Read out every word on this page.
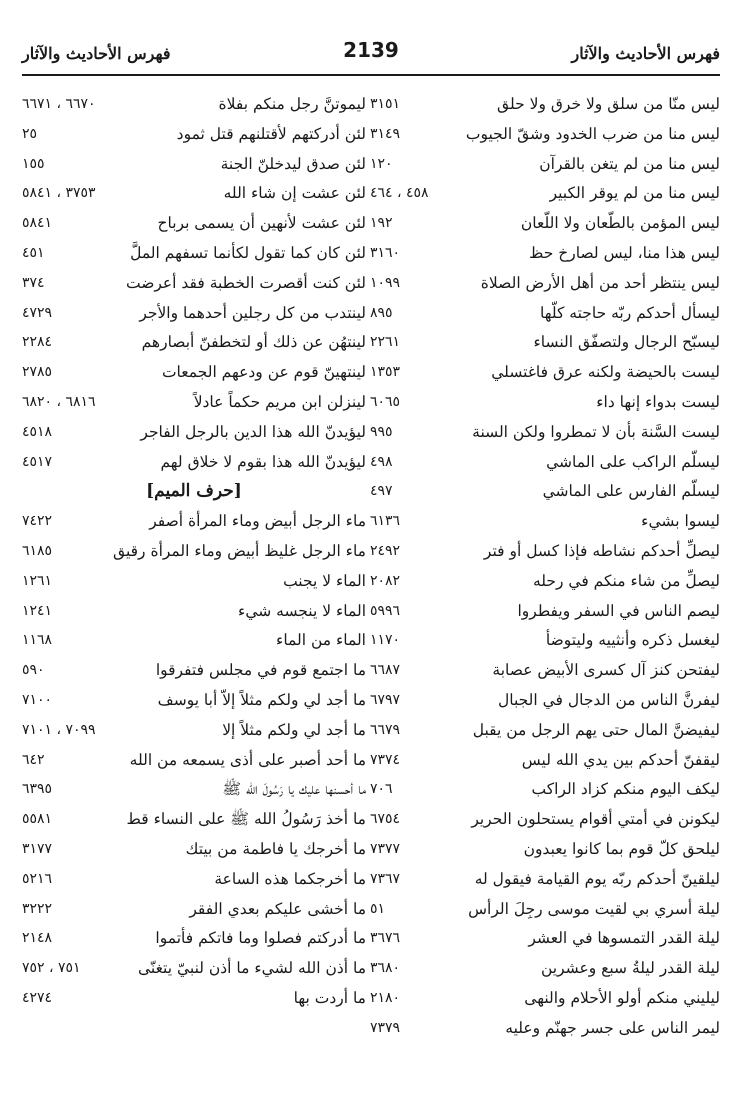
فهرس الأحاديث والآثار
2139
فهرس الأحاديث والآثار
ليس منّا من سلق ولا خرق ولا حلق
٣١٥١
ليس منا من ضرب الخدود وشقّ الجيوب
٣١٤٩
ليس منا من لم يتغن بالقرآن
١٢٠
ليس منا من لم يوقر الكبير
٤٥٨ ، ٤٦٤
ليس المؤمن بالطّعان ولا اللّعان
١٩٢
ليس هذا منا، ليس لصارخ حظ
٣١٦٠
ليس ينتظر أحد من أهل الأرض الصلاة
١٠٩٩
ليسأل أحدكم ربّه حاجته كلّها
٨٩٥
ليسبّح الرجال ولتصفّق النساء
٢٢٦١
ليست بالحيضة ولكنه عرق فاغتسلي
١٣٥٣
ليست بدواء إنها داء
٦٠٦٥
ليست السَّنة بأن لا تمطروا ولكن السنة
٩٩٥
ليسلّم الراكب على الماشي
٤٩٨
ليسلّم الفارس على الماشي
٤٩٧
ليسوا بشيء
٦١٣٦
ليصلِّ أحدكم نشاطه فإذا كسل أو فتر
٢٤٩٢
ليصلِّ من شاء منكم في رحله
٢٠٨٢
ليصم الناس في السفر ويفطروا
٥٩٩٦
ليغسل ذكره وأنثييه وليتوضأ
١١٧٠
ليفتحن كنز آل كسرى الأبيض عصابة
٦٦٨٧
ليفرنَّ الناس من الدجال في الجبال
٦٧٩٧
ليفيضنَّ المال حتى يهم الرجل من يقبل
٦٦٧٩
ليقفنّ أحدكم بين يدي الله ليس
٧٣٧٤
ليكف اليوم منكم كزاد الراكب
٧٠٦
ليكونن في أمتي أقوام يستحلون الحرير
٦٧٥٤
ليلحق كلّ قوم بما كانوا يعبدون
٧٣٧٧
ليلقينّ أحدكم ربّه يوم القيامة فيقول له
٧٣٦٧
ليلة أسري بي لقيت موسى رجِلَ الرأس
٥١
ليلة القدر التمسوها في العشر
٣٦٧٦
ليلة القدر ليلةُ سبع وعشرين
٣٦٨٠
ليليني منكم أولو الأحلام والنهى
٢١٨٠
ليمر الناس على جسر جهنّم وعليه
٧٣٧٩
ليموتنَّ رجل منكم بفلاة
٦٦٧٠ ، ٦٦٧١
لئن أدركتهم لأقتلنهم قتل ثمود
٢٥
لئن صدق ليدخلنّ الجنة
١٥٥
لئن عشت إن شاء الله
٣٧٥٣ ، ٥٨٤١
لئن عشت لأنهين أن يسمى برباح
٥٨٤١
لئن كان كما تقول لكأنما تسفهم الملَّ
٤٥١
لئن كنت أقصرت الخطبة فقد أعرضت
٣٧٤
لينتدب من كل رجلين أحدهما والأجر
٤٧٢٩
لينتهُن عن ذلك أو لتخطفنّ أبصارهم
٢٢٨٤
لينتهينّ قوم عن ودعهم الجمعات
٢٧٨٥
لينزلن ابن مريم حكماً عادلاً
٦٨١٦ ، ٦٨٢٠
ليؤيدنّ الله هذا الدين بالرجل الفاجر
٤٥١٨
ليؤيدنّ الله هذا بقوم لا خلاق لهم
٤٥١٧
[حرف الميم]
ماء الرجل أبيض وماء المرأة أصفر
٧٤٢٢
ماء الرجل غليظ أبيض وماء المرأة رقيق
٦١٨٥
الماء لا يجنب
١٢٦١
الماء لا ينجسه شيء
١٢٤١
الماء من الماء
١١٦٨
ما اجتمع قوم في مجلس فتفرقوا
٥٩٠
ما أجد لي ولكم مثلاً إلاّ أبا يوسف
٧١٠٠
ما أجد لي ولكم مثلاً إلا
٧٠٩٩ ، ٧١٠١
ما أحد أصبر على أذى يسمعه من الله
٦٤٢
ما أحسنها عليك يا رَسُولَ الله ﷺ
٦٣٩٥
ما أخذ رَسُولُ الله ﷺ على النساء قط
٥٥٨١
ما أخرجك يا فاطمة من بيتك
٣١٧٧
ما أخرجكما هذه الساعة
٥٢١٦
ما أخشى عليكم بعدي الفقر
٣٢٢٢
ما أدركتم فصلوا وما فاتكم فأتموا
٢١٤٨
ما أذن الله لشيء ما أذن لنبيّ يتغنّى
٧٥١ ، ٧٥٢
ما أردت بها
٤٢٧٤
